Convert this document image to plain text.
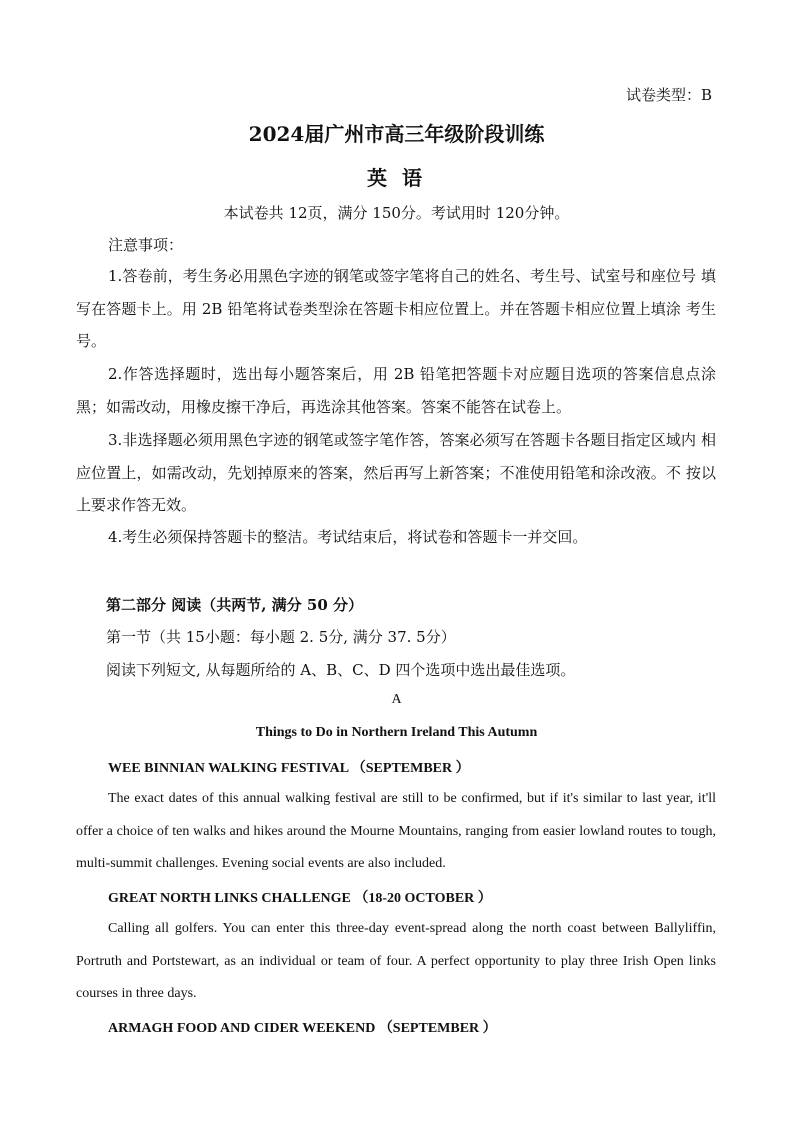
试卷类型：B
2024届广州市高三年级阶段训练
英 语
本试卷共 12页，满分 150分。考试用时 120分钟。
注意事项：
1.答卷前，考生务必用黑色字迹的钢笔或签字笔将自己的姓名、考生号、试室号和座位号 填写在答题卡上。用 2B 铅笔将试卷类型涂在答题卡相应位置上。并在答题卡相应位置上填涂 考生号。
2.作答选择题时，选出每小题答案后，用 2B 铅笔把答题卡对应题目选项的答案信息点涂 黑；如需改动，用橡皮擦干净后，再选涂其他答案。答案不能答在试卷上。
3.非选择题必须用黑色字迹的钢笔或签字笔作答，答案必须写在答题卡各题目指定区域内 相应位置上，如需改动，先划掉原来的答案，然后再写上新答案；不准使用铅笔和涂改液。不 按以上要求作答无效。
4.考生必须保持答题卡的整洁。考试结束后，将试卷和答题卡一并交回。
第二部分 阅读（共两节, 满分 50 分）
第一节（共 15小题：每小题 2. 5分, 满分 37. 5分）
阅读下列短文, 从每题所给的 A、B、C、D 四个选项中选出最佳选项。
A
Things to Do in Northern Ireland This Autumn
WEE BINNIAN WALKING FESTIVAL （SEPTEMBER ）
The exact dates of this annual walking festival are still to be confirmed, but if it's similar to last year, it'll offer a choice of ten walks and hikes around the Mourne Mountains, ranging from easier lowland routes to tough, multi-summit challenges. Evening social events are also included.
GREAT NORTH LINKS CHALLENGE （18-20 OCTOBER ）
Calling all golfers. You can enter this three-day event-spread along the north coast between Ballyliffin, Portruth and Portstewart, as an individual or team of four. A perfect opportunity to play three Irish Open links courses in three days.
ARMAGH FOOD AND CIDER WEEKEND （SEPTEMBER ）
